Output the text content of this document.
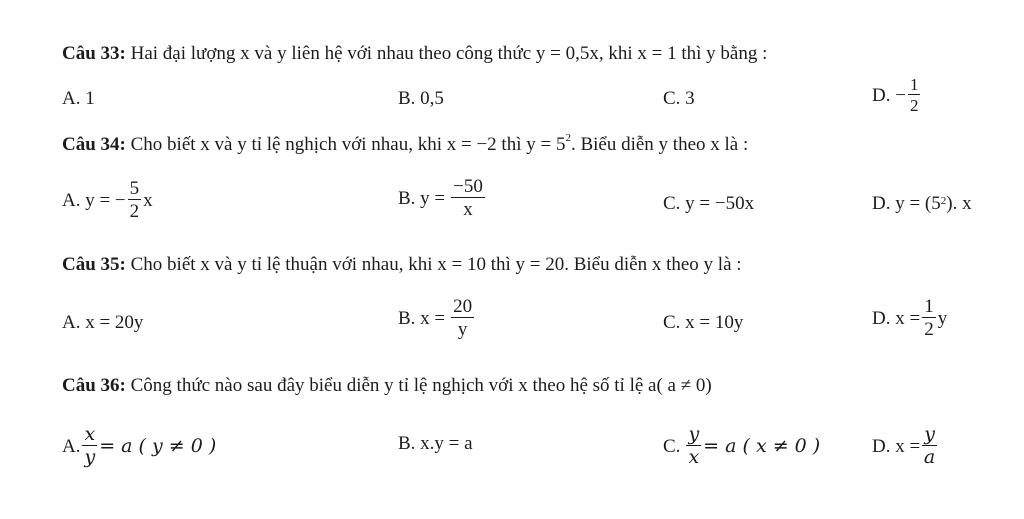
Câu 33: Hai đại lượng x và y liên hệ với nhau theo công thức y = 0,5x, khi x = 1 thì y bằng :
A. 1	B. 0,5	C. 3	D. − $\frac{1}{2}$
Câu 34: Cho biết x và y tỉ lệ nghịch với nhau, khi x = −2 thì $y = 5^2$. Biểu diễn y theo x là :
A. y = − $\frac{5}{2}$ x	B. $y = \frac{-50}{x}$	C. y = −50x	D. $y = (5^2$ ). x
Câu 35: Cho biết x và y tỉ lệ thuận với nhau, khi x = 10 thì y = 20. Biểu diễn x theo y là :
A. x = 20y	B. $x = \frac{20}{y}$	C. x = 10y	D. $x = \frac{1}{2}$ y
Câu 36: Công thức nào sau đây biểu diễn y tỉ lệ nghịch với x theo hệ số tỉ lệ a( a ≠ 0)
A. $\frac{x}{y} = a$ ( y ≠ 0 )	B. x.y = a	C. $\frac{y}{x} = a$ ( x ≠ 0 )	D. $x = \frac{y}{a}$
